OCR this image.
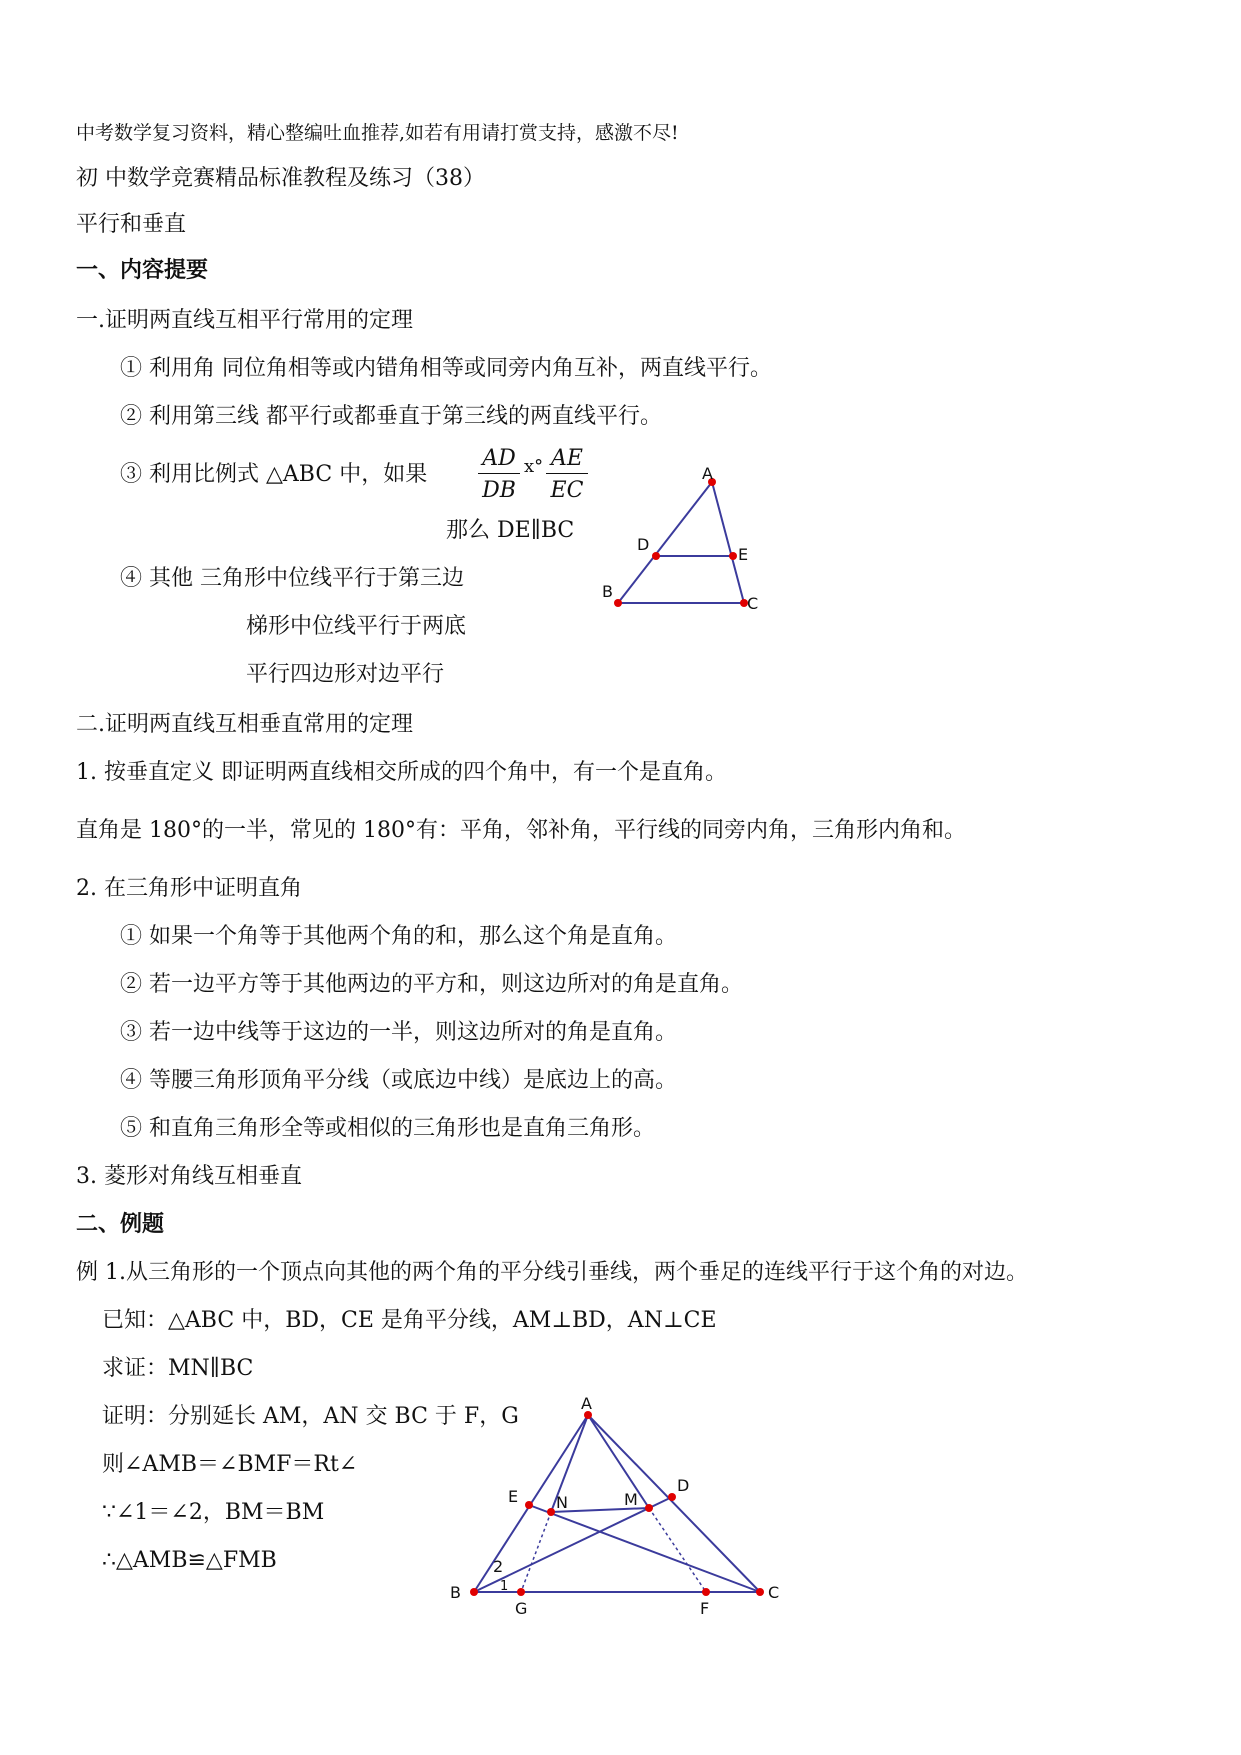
中考数学复习资料，精心整编吐血推荐,如若有用请打赏支持，感激不尽!
初 中数学竞赛精品标准教程及练习（38）
平行和垂直
一、内容提要
一.证明两直线互相平行常用的定理
① 利用角 同位角相等或内错角相等或同旁内角互补，两直线平行。
② 利用第三线 都平行或都垂直于第三线的两直线平行。
③ 利用比例式 △ABC 中，如果 $\frac{AD}{DB}$ ⅹ° $\frac{AE}{EC}$
那么 DE∥BC
④ 其他 三角形中位线平行于第三边
梯形中位线平行于两底
平行四边形对边平行
二.证明两直线互相垂直常用的定理
1. 按垂直定义 即证明两直线相交所成的四个角中，有一个是直角。
直角是 180°的一半，常见的 180°有：平角，邻补角，平行线的同旁内角，三角形内角和。
2. 在三角形中证明直角
① 如果一个角等于其他两个角的和，那么这个角是直角。
② 若一边平方等于其他两边的平方和，则这边所对的角是直角。
③ 若一边中线等于这边的一半，则这边所对的角是直角。
④ 等腰三角形顶角平分线（或底边中线）是底边上的高。
⑤ 和直角三角形全等或相似的三角形也是直角三角形。
3. 菱形对角线互相垂直
二、例题
例 1.从三角形的一个顶点向其他的两个角的平分线引垂线，两个垂足的连线平行于这个角的对边。
已知：△ABC 中，BD，CE 是角平分线，AM⊥BD，AN⊥CE
求证：MN∥BC
证明：分别延长 AM，AN 交 BC 于 F，G
则∠AMB＝∠BMF＝Rt∠
∵∠1＝∠2，BM＝BM
∴△AMB≌△FMB
A
D
E
B
C
A
E N	M
D
2
1
B
G	F
C
